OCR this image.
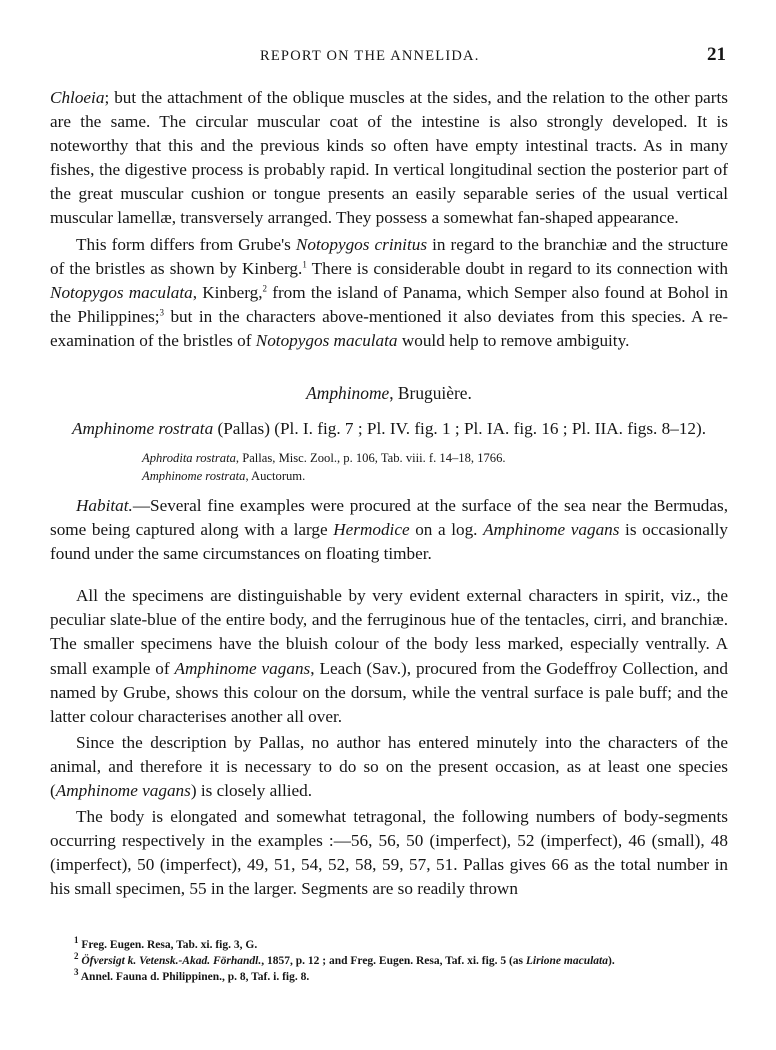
REPORT ON THE ANNELIDA.	21

Chloeia; but the attachment of the oblique muscles at the sides, and the relation to the other parts are the same. The circular muscular coat of the intestine is also strongly developed. It is noteworthy that this and the previous kinds so often have empty intestinal tracts. As in many fishes, the digestive process is probably rapid. In vertical longitudinal section the posterior part of the great muscular cushion or tongue presents an easily separable series of the usual vertical muscular lamellæ, transversely arranged. They possess a somewhat fan-shaped appearance.

This form differs from Grube's Notopygos crinitus in regard to the branchiæ and the structure of the bristles as shown by Kinberg.$^1$ There is considerable doubt in regard to its connection with Notopygos maculata, Kinberg,$^2$ from the island of Panama, which Semper also found at Bohol in the Philippines;$^3$ but in the characters above-mentioned it also deviates from this species. A re-examination of the bristles of Notopygos maculata would help to remove ambiguity.

Amphinome, Bruguière.
Amphinome rostrata (Pallas) (Pl. I. fig. 7 ; Pl. IV. fig. 1 ; Pl. IA. fig. 16 ; Pl. IIA. figs. 8–12).
Aphrodita rostrata, Pallas, Misc. Zool., p. 106, Tab. viii. f. 14–18, 1766.
Amphinome rostrata, Auctorum.

Habitat.—Several fine examples were procured at the surface of the sea near the Bermudas, some being captured along with a large Hermodice on a log. Amphinome vagans is occasionally found under the same circumstances on floating timber.

All the specimens are distinguishable by very evident external characters in spirit, viz., the peculiar slate-blue of the entire body, and the ferruginous hue of the tentacles, cirri, and branchiæ. The smaller specimens have the bluish colour of the body less marked, especially ventrally. A small example of Amphinome vagans, Leach (Sav.), procured from the Godeffroy Collection, and named by Grube, shows this colour on the dorsum, while the ventral surface is pale buff; and the latter colour characterises another all over.

Since the description by Pallas, no author has entered minutely into the characters of the animal, and therefore it is necessary to do so on the present occasion, as at least one species (Amphinome vagans) is closely allied.

The body is elongated and somewhat tetragonal, the following numbers of body-segments occurring respectively in the examples :—56, 56, 50 (imperfect), 52 (imperfect), 46 (small), 48 (imperfect), 50 (imperfect), 49, 51, 54, 52, 58, 59, 57, 51. Pallas gives 66 as the total number in his small specimen, 55 in the larger. Segments are so readily thrown

$^1$ Freg. Eugen. Resa, Tab. xi. fig. 3, G.
$^2$ Öfversigt k. Vetensk.-Akad. Förhandl., 1857, p. 12 ; and Freg. Eugen. Resa, Taf. xi. fig. 5 (as Lirione maculata).
$^3$ Annel. Fauna d. Philippinen., p. 8, Taf. i. fig. 8.
